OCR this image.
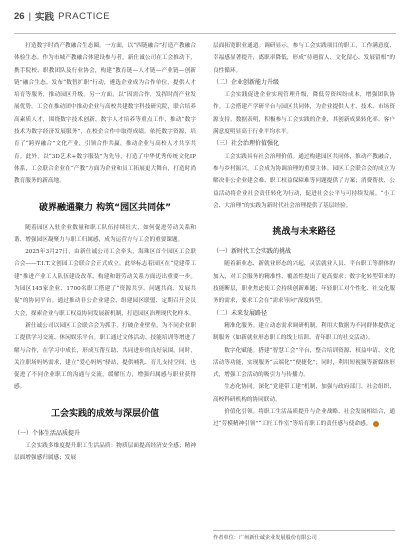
26 | 实践 PRACTICE

打造数字时尚产教融合生态圈。一方面，以“四链融合”打造产教融合体验生态。作为市城产教融合体建设参与者，新仕诚公司在工会推动下，携手院校、职教团队及行业协会，构建“教育链—人才链—产业链—创新链”融合生态。发布“数智扩职”行动，遴选企业成为合作单位，提供人才培育等服务，推动园区升级。另一方面，以“因需合作，发挥时尚产业发展优势。工会在推动团中推动企业与高校共建数字科技研究院，联合培养高素质人才，围绕数字技术创新、数字人才培养等重点工作，推动“数字技术为数字经济发展服务”，在校企合作中取得成绩。依托数字资源，培育了“跨界融合”文化产业，引领合作共赢，推动企业与高校人才共享共育。此外，以“3D艺术+数字服装”为先导，打造了中华优秀传统文化IP体系，工会联合企业在“产教”方面为企业和员工拓展更大舞台，打造时尚教育服务的新高地。

破界融通聚力 构筑“园区共同体”

随着园区入驻企业数量和职工队伍持续壮大，如何促进劳动关系和谐、增强园区凝聚力与职工归属感，成为运营方与工会的重要课题。

2025年3月27日，由新仕诚公司工会牵头，海珠区首个园区工会联合会——T.I.T.文创园工会联合会正式成立。此举标志着园区在“党建带工建”推进产业工人队伍建设改革、构建和谐劳动关系方面迈出重要一步。为园区145家企业、1700名职工搭建了“资源共享、问题共商、发展共促”的协同平台。通过推动非公企业建会、组建园区联盟、定期召开会员大会，探索企业与职工权益协同发展新机制，打造园区治理现代化样本。

新仕诚公司以园区工会联合会为抓手，打破企业壁垒，为不同企业职工提供学习交流、休闲娱乐平台。职工通过文体活动、技能培训等增进了解与合作，在学习中成长，形成互帮互助、共同进步的良好氛围。同时，关注职场妈妈需求，建立“爱心妈妈”驿站，提供哺乳、育儿支持空间，也促进了不同企业职工的沟通与交流，缓解压力，增强归属感与职业获得感。

工会实践的成效与深层价值
（一）个体生活品质提升

工会实践多维度提升职工生活品质：物质层面提高经济安全感；精神层面增强感归属感；发展

层面拓宽职业通道。调研显示，参与工会实践项目的职工，工作满意度、幸福感显著提升，离职率降低，形成“待遇留人、文化留心、发展留根”的良性循环。

（二）企业创新能力升级

工会实践促进企业实现管理升级，降低劳资纠纷成本，增强团队协作。工会搭建产学研平台与园区共同体，为企业提供人才、技术、市场资源支持。数据表明，积极参与工会实践的企业，其创新成果转化率、客户满意度明显高于行业平均水平。

（三）社会治理价值强化

工会实践具有社会治理价值。通过构建园区共同体，推动产教融合，参与乡村振兴，工会成为协调治理的重要主体。园区工会联合会的成立为解决非公企业建会难、职工权益保障难等问题提供了方案；消费帮扶、公益活动将企业社会责任转化为行动，促进社会公平与可持续发展。“小工会、大治理”的实践为新时代社会治理提供了基层经验。

挑战与未来路径
（一）新时代工会实践的挑战

随着新业态、新就业形态的兴起，灵活就业人员、平台职工等群体的加入，对工会服务的精准性、覆盖性提出了更高要求；数字化转型带来的技能断层，职业焦虑使工会持续创新难题；年轻职工对个性化、社交化服务的需求，要求工会在“需求导向”深度转型。

（二）未来发展路径

精准化服务。建立动态需求调研机制，利用大数据为不同群体提供定制服务（如新就业形态职工的线上培训、青年职工的社交活动）。

数字化赋能。搭建“智慧工会”平台，整合培训资源、权益申请、文化活动等功能，实现服务“云端化”“便捷化”；同时，利用短视频等新媒体形式，增强工会活动的吸引力与传播力。

生态化协同。深化“党建带工建”机制，加强与政府部门、社会组织、高校科研机构的协同联动。

价值化引领。将职工生活品质提升与企业战略、社会发展相结合，通过“劳模精神引领”“工匠工作室”等培育职工的责任感与使命感。

作者单位：广州新仕诚企业发展股份有限公司
